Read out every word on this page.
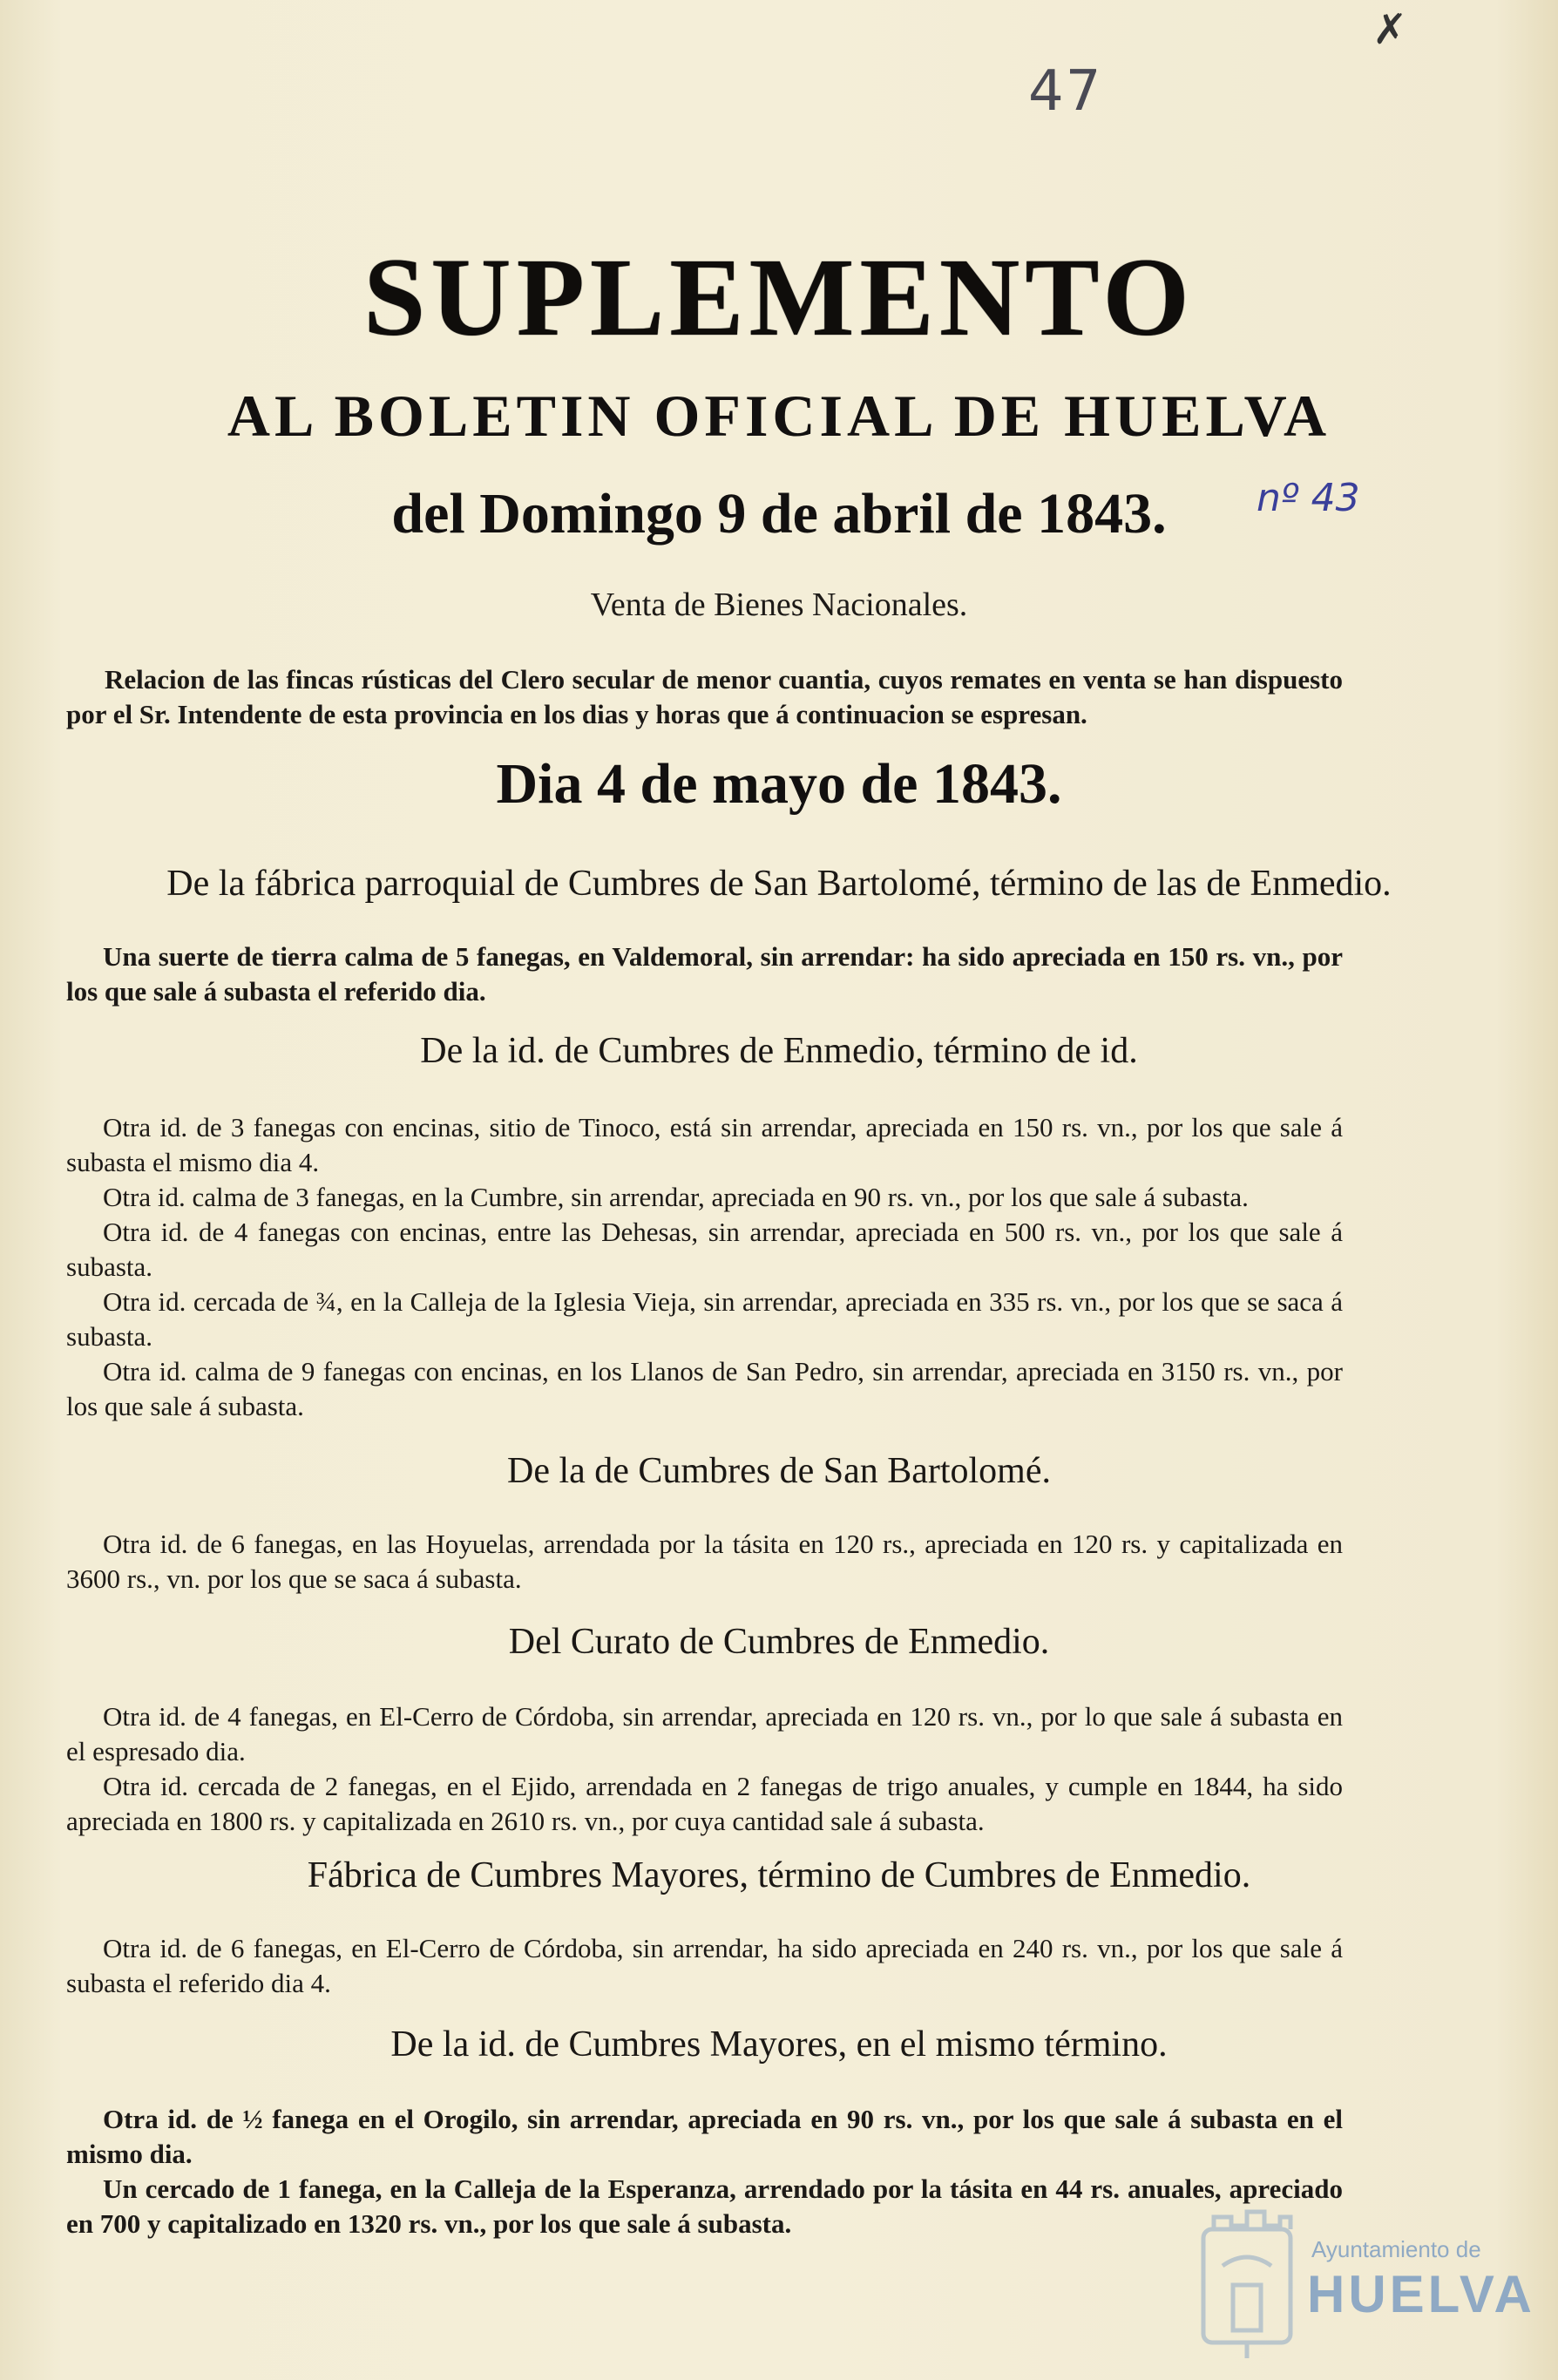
47
✗
nº 43
SUPLEMENTO
AL BOLETIN OFICIAL DE HUELVA
del Domingo 9 de abril de 1843.
Venta de Bienes Nacionales.
Relacion de las fincas rústicas del Clero secular de menor cuantia, cuyos remates en venta se han dispuesto por el Sr. Intendente de esta provincia en los dias y horas que á continuacion se espresan.
Dia 4 de mayo de 1843.
De la fábrica parroquial de Cumbres de San Bartolomé, término de las de Enmedio.

Una suerte de tierra calma de 5 fanegas, en Valdemoral, sin arrendar: ha sido apreciada en 150 rs. vn., por los que sale á subasta el referido dia.

De la id. de Cumbres de Enmedio, término de id.

Otra id. de 3 fanegas con encinas, sitio de Tinoco, está sin arrendar, apreciada en 150 rs. vn., por los que sale á subasta el mismo dia 4.

Otra id. calma de 3 fanegas, en la Cumbre, sin arrendar, apreciada en 90 rs. vn., por los que sale á subasta.

Otra id. de 4 fanegas con encinas, entre las Dehesas, sin arrendar, apreciada en 500 rs. vn., por los que sale á subasta.

Otra id. cercada de ¾, en la Calleja de la Iglesia Vieja, sin arrendar, apreciada en 335 rs. vn., por los que se saca á subasta.

Otra id. calma de 9 fanegas con encinas, en los Llanos de San Pedro, sin arrendar, apreciada en 3150 rs. vn., por los que sale á subasta.

De la de Cumbres de San Bartolomé.

Otra id. de 6 fanegas, en las Hoyuelas, arrendada por la tásita en 120 rs., apreciada en 120 rs. y capitalizada en 3600 rs., vn. por los que se saca á subasta.

Del Curato de Cumbres de Enmedio.

Otra id. de 4 fanegas, en El-Cerro de Córdoba, sin arrendar, apreciada en 120 rs. vn., por lo que sale á subasta en el espresado dia.

Otra id. cercada de 2 fanegas, en el Ejido, arrendada en 2 fanegas de trigo anuales, y cumple en 1844, ha sido apreciada en 1800 rs. y capitalizada en 2610 rs. vn., por cuya cantidad sale á subasta.

Fábrica de Cumbres Mayores, término de Cumbres de Enmedio.

Otra id. de 6 fanegas, en El-Cerro de Córdoba, sin arrendar, ha sido apreciada en 240 rs. vn., por los que sale á subasta el referido dia 4.

De la id. de Cumbres Mayores, en el mismo término.

Otra id. de ½ fanega en el Orogilo, sin arrendar, apreciada en 90 rs. vn., por los que sale á subasta en el mismo dia.

Un cercado de 1 fanega, en la Calleja de la Esperanza, arrendado por la tásita en 44 rs. anuales, apreciado en 700 y capitalizado en 1320 rs. vn., por los que sale á subasta.

Ayuntamiento de
HUELVA
